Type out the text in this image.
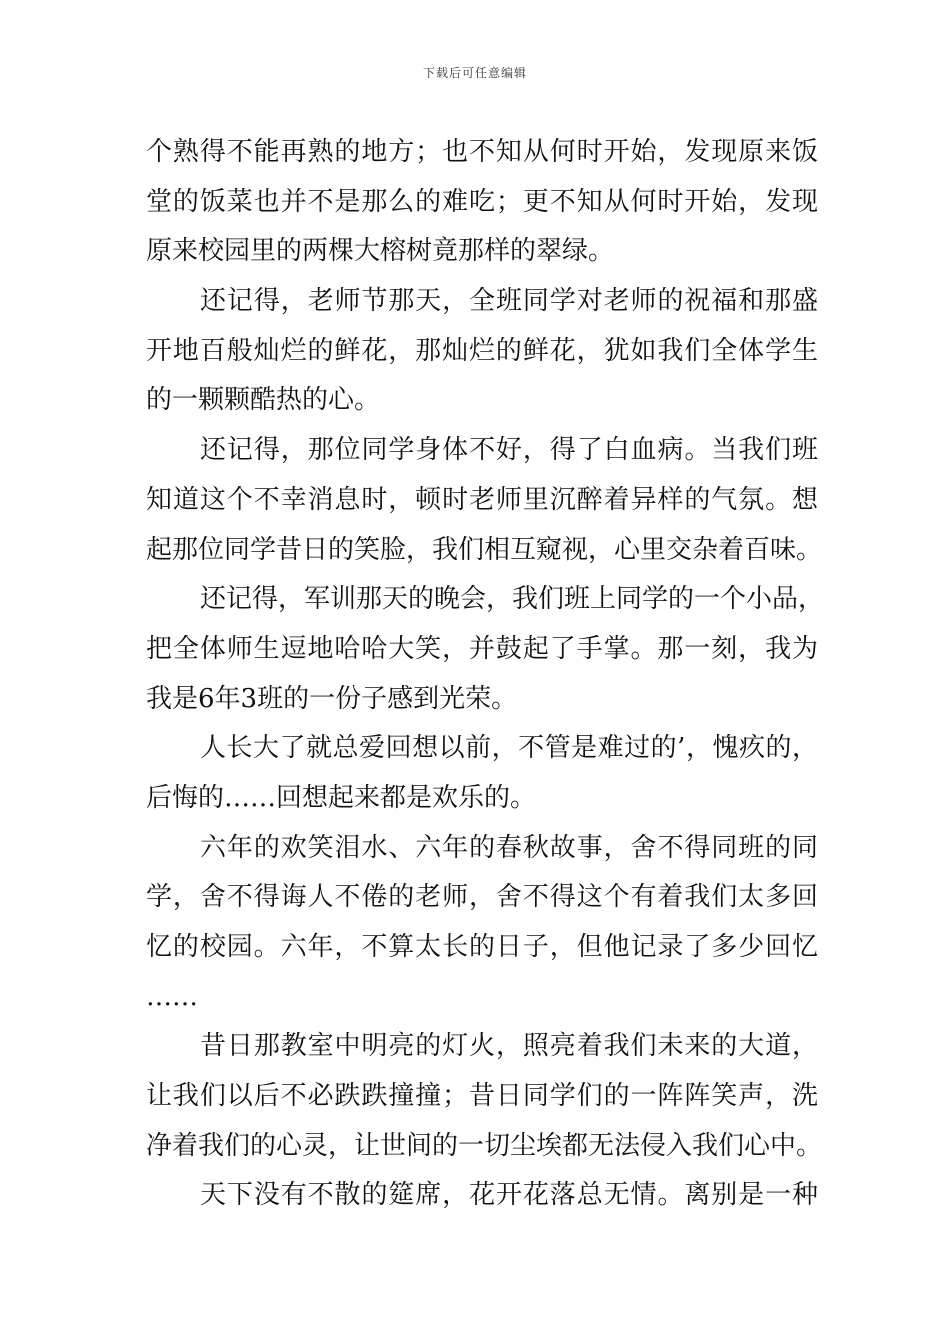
下载后可任意编辑
个熟得不能再熟的地方；也不知从何时开始，发现原来饭
堂的饭菜也并不是那么的难吃；更不知从何时开始，发现
原来校园里的两棵大榕树竟那样的翠绿。
还记得，老师节那天，全班同学对老师的祝福和那盛
开地百般灿烂的鲜花，那灿烂的鲜花，犹如我们全体学生
的一颗颗酷热的心。
还记得，那位同学身体不好，得了白血病。当我们班
知道这个不幸消息时，顿时老师里沉醉着异样的气氛。想
起那位同学昔日的笑脸，我们相互窥视，心里交杂着百味。
还记得，军训那天的晚会，我们班上同学的一个小品，
把全体师生逗地哈哈大笑，并鼓起了手掌。那一刻，我为
我是6年3班的一份子感到光荣。
人长大了就总爱回想以前，不管是难过的’，愧疚的，
后悔的……回想起来都是欢乐的。
六年的欢笑泪水、六年的春秋故事，舍不得同班的同
学，舍不得诲人不倦的老师，舍不得这个有着我们太多回
忆的校园。六年，不算太长的日子，但他记录了多少回忆
……
昔日那教室中明亮的灯火，照亮着我们未来的大道，
让我们以后不必跌跌撞撞；昔日同学们的一阵阵笑声，洗
净着我们的心灵，让世间的一切尘埃都无法侵入我们心中。
天下没有不散的筵席，花开花落总无情。离别是一种
